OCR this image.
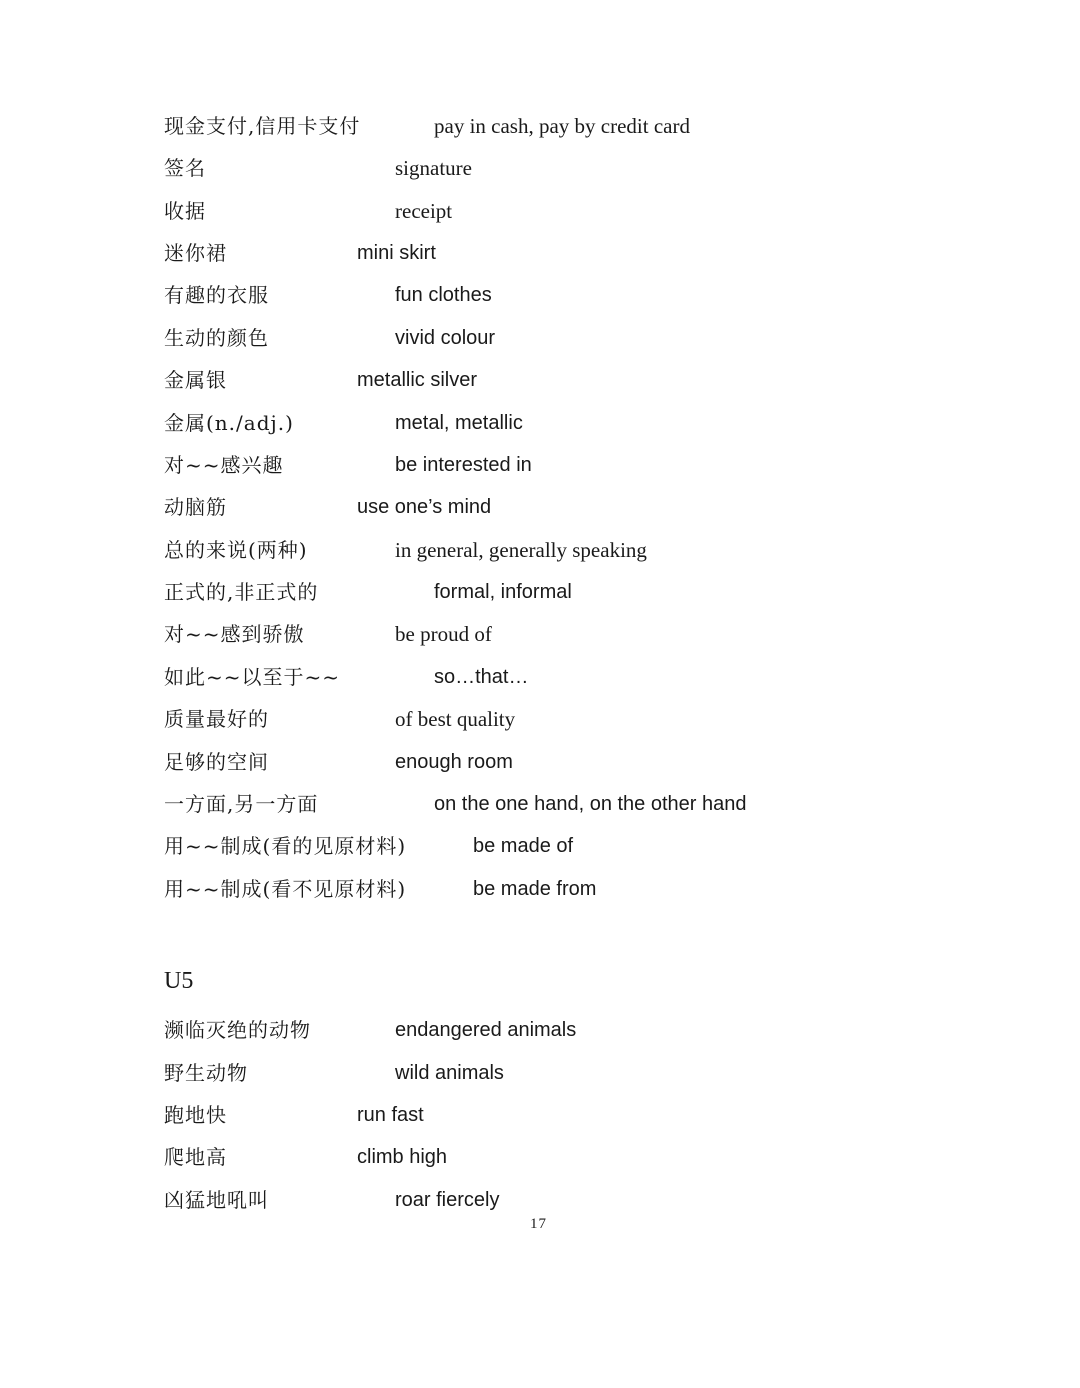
现金支付,信用卡支付	pay in cash, pay by credit card
签名	signature
收据	receipt
迷你裙	mini skirt
有趣的衣服	fun clothes
生动的颜色	vivid colour
金属银	metallic silver
金属(n./adj.)	metal, metallic
对~~感兴趣	be interested in
动脑筋	use one’s mind
总的来说(两种)	in general, generally speaking
正式的,非正式的	formal, informal
对~~感到骄傲	be proud of
如此~~以至于~~	so…that…
质量最好的	of best quality
足够的空间	enough room
一方面,另一方面	on the one hand, on the other hand
用~~制成(看的见原材料)	be made of
用~~制成(看不见原材料)	be made from
U5
濒临灭绝的动物	endangered animals
野生动物	wild animals
跑地快	run fast
爬地高	climb high
凶猛地吼叫	roar fiercely
17
